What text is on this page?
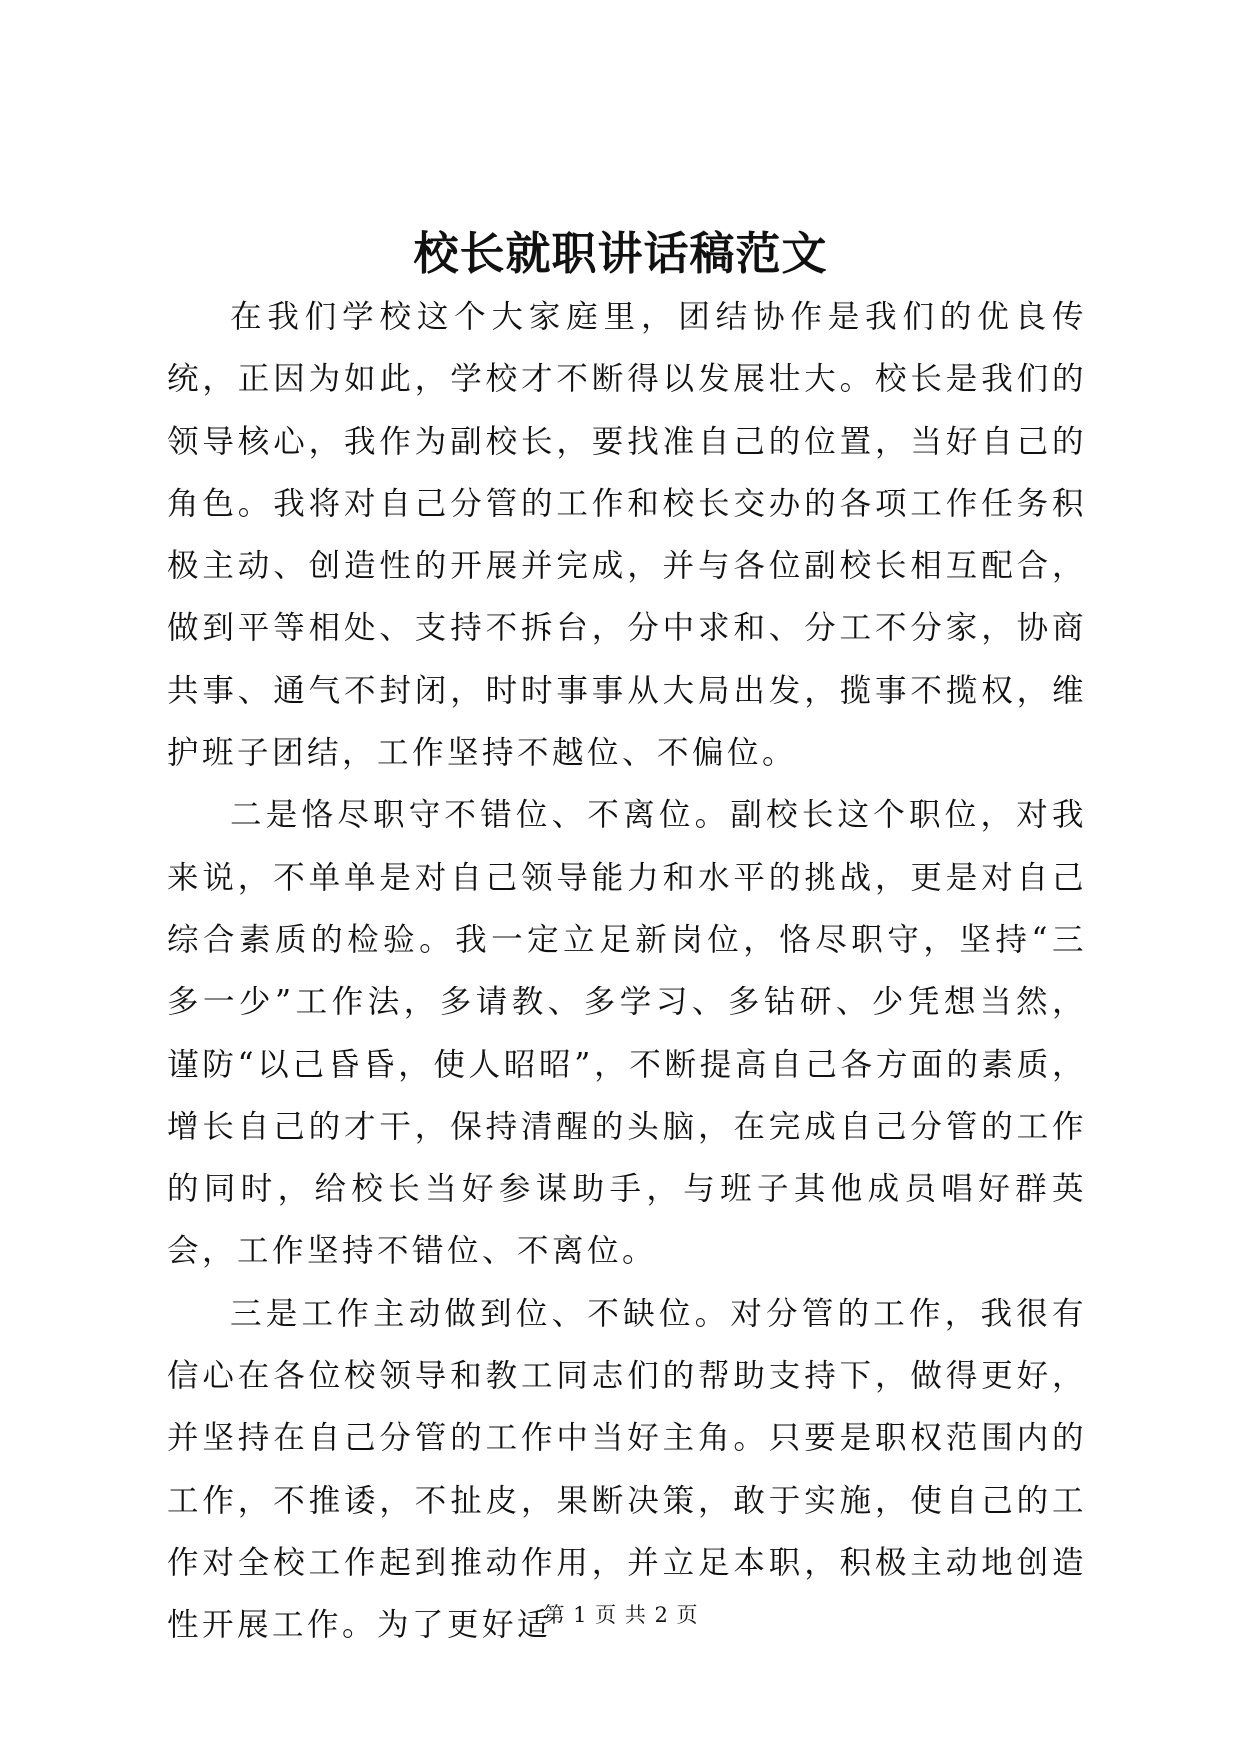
校长就职讲话稿范文

在我们学校这个大家庭里，团结协作是我们的优良传统，正因为如此，学校才不断得以发展壮大。校长是我们的领导核心，我作为副校长，要找准自己的位置，当好自己的角色。我将对自己分管的工作和校长交办的各项工作任务积极主动、创造性的开展并完成，并与各位副校长相互配合，做到平等相处、支持不拆台，分中求和、分工不分家，协商共事、通气不封闭，时时事事从大局出发，揽事不揽权，维护班子团结，工作坚持不越位、不偏位。

二是恪尽职守不错位、不离位。副校长这个职位，对我来说，不单单是对自己领导能力和水平的挑战，更是对自己综合素质的检验。我一定立足新岗位，恪尽职守，坚持“三多一少”工作法，多请教、多学习、多钻研、少凭想当然，谨防“以己昏昏，使人昭昭”，不断提高自己各方面的素质，增长自己的才干，保持清醒的头脑，在完成自己分管的工作的同时，给校长当好参谋助手，与班子其他成员唱好群英会，工作坚持不错位、不离位。

三是工作主动做到位、不缺位。对分管的工作，我很有信心在各位校领导和教工同志们的帮助支持下，做得更好，并坚持在自己分管的工作中当好主角。只要是职权范围内的工作，不推诿，不扯皮，果断决策，敢于实施，使自己的工作对全校工作起到推动作用，并立足本职，积极主动地创造性开展工作。为了更好适

第 1 页 共 2 页
